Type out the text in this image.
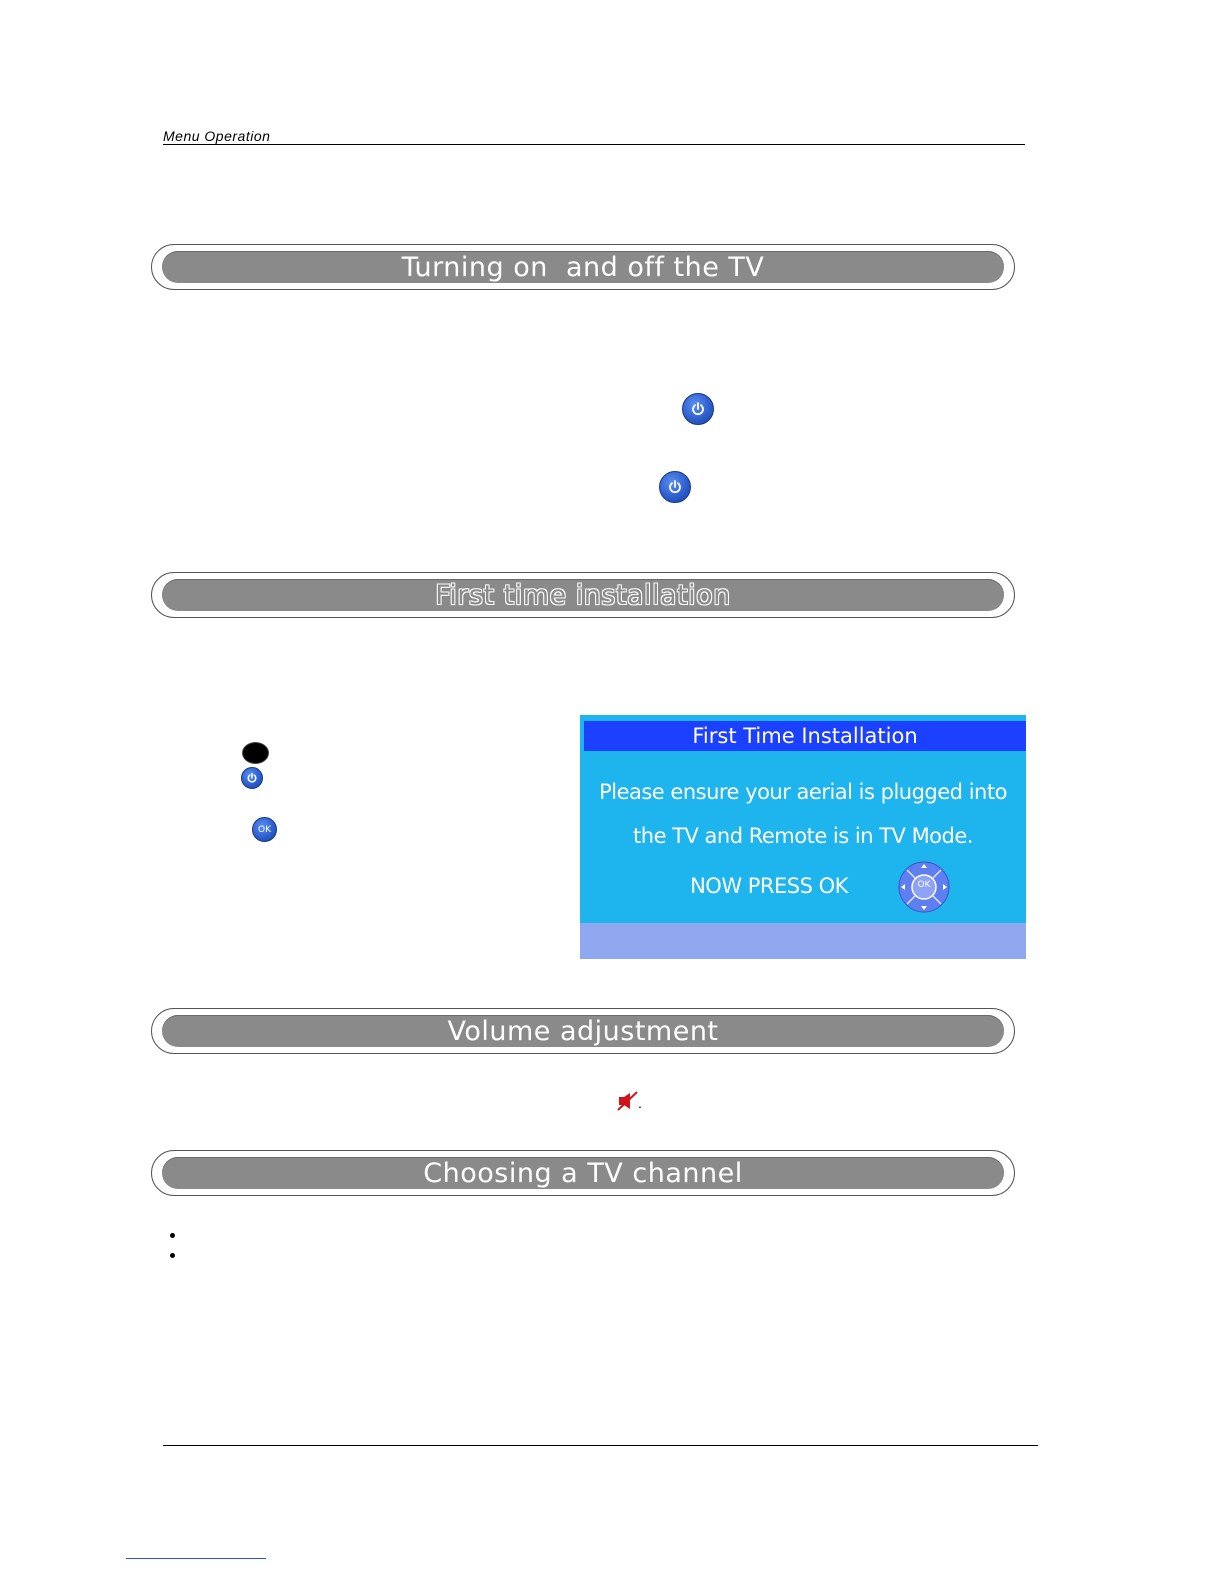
Menu Operation
Turning on  and off the TV
First time installation
OK
First Time Installation
Please ensure your aerial is plugged into
the TV and Remote is in TV Mode.
NOW PRESS OK	OK
Volume adjustment
.
Choosing a TV channel
